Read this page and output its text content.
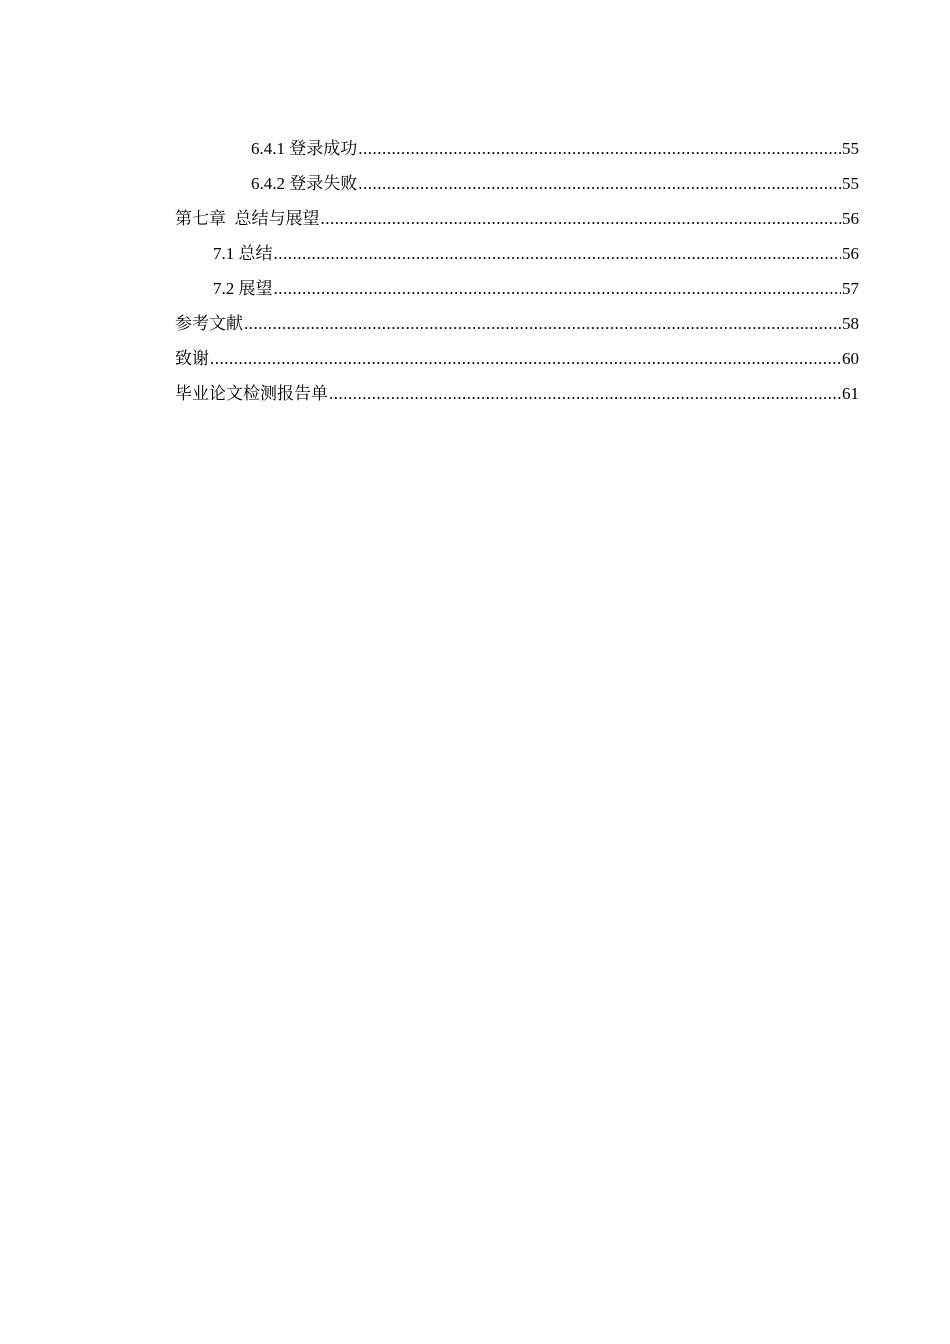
6.4.1 登录成功 .....	55
6.4.2 登录失败 .....	55
第七章  总结与展望 .....	56
7.1 总结 .....	56
7.2 展望 .....	57
参考文献 .....	58
致谢 .....	60
毕业论文检测报告单 .....	61
